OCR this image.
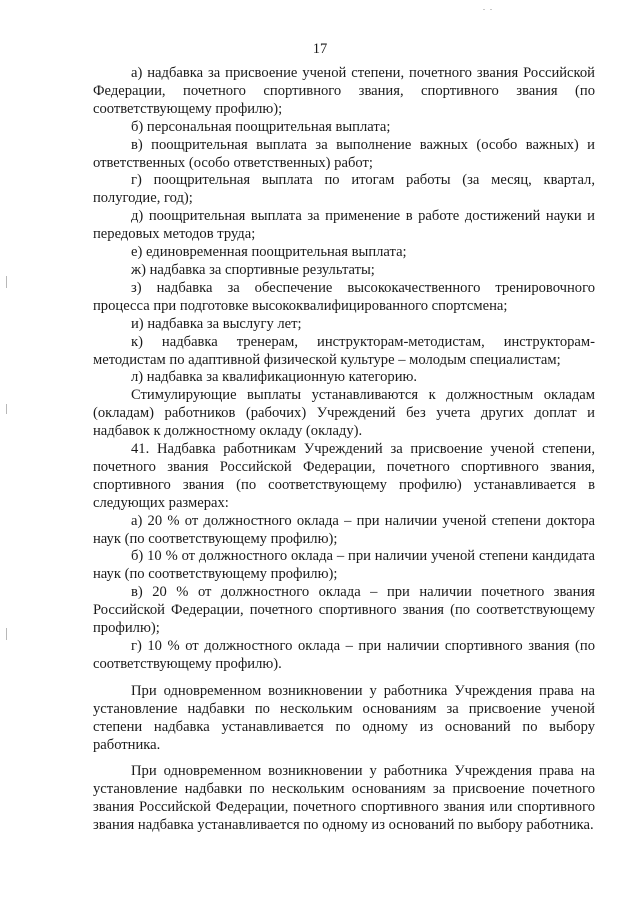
17

а) надбавка за присвоение ученой степени, почетного звания Российской Федерации, почетного спортивного звания, спортивного звания (по соответствующему профилю);

б) персональная поощрительная выплата;

в) поощрительная выплата за выполнение важных (особо важных) и ответственных (особо ответственных) работ;

г) поощрительная выплата по итогам работы (за месяц, квартал, полугодие, год);

д) поощрительная выплата за применение в работе достижений науки и передовых методов труда;

е) единовременная поощрительная выплата;

ж) надбавка за спортивные результаты;

з) надбавка за обеспечение высококачественного тренировочного процесса при подготовке высококвалифицированного спортсмена;

и) надбавка за выслугу лет;

к) надбавка тренерам, инструкторам-методистам, инструкторам-методистам по адаптивной физической культуре – молодым специалистам;

л) надбавка за квалификационную категорию.

Стимулирующие выплаты устанавливаются к должностным окладам (окладам) работников (рабочих) Учреждений без учета других доплат и надбавок к должностному окладу (окладу).

41. Надбавка работникам Учреждений за присвоение ученой степени, почетного звания Российской Федерации, почетного спортивного звания, спортивного звания (по соответствующему профилю) устанавливается в следующих размерах:

а) 20 % от должностного оклада – при наличии ученой степени доктора наук (по соответствующему профилю);

б) 10 % от должностного оклада – при наличии ученой степени кандидата наук (по соответствующему профилю);

в) 20 % от должностного оклада – при наличии почетного звания Российской Федерации, почетного спортивного звания (по соответствующему профилю);

г) 10 % от должностного оклада – при наличии спортивного звания (по соответствующему профилю).

При одновременном возникновении у работника Учреждения права на установление надбавки по нескольким основаниям за присвоение ученой степени надбавка устанавливается по одному из оснований по выбору работника.

При одновременном возникновении у работника Учреждения права на установление надбавки по нескольким основаниям за присвоение почетного звания Российской Федерации, почетного спортивного звания или спортивного звания надбавка устанавливается по одному из оснований по выбору работника.
